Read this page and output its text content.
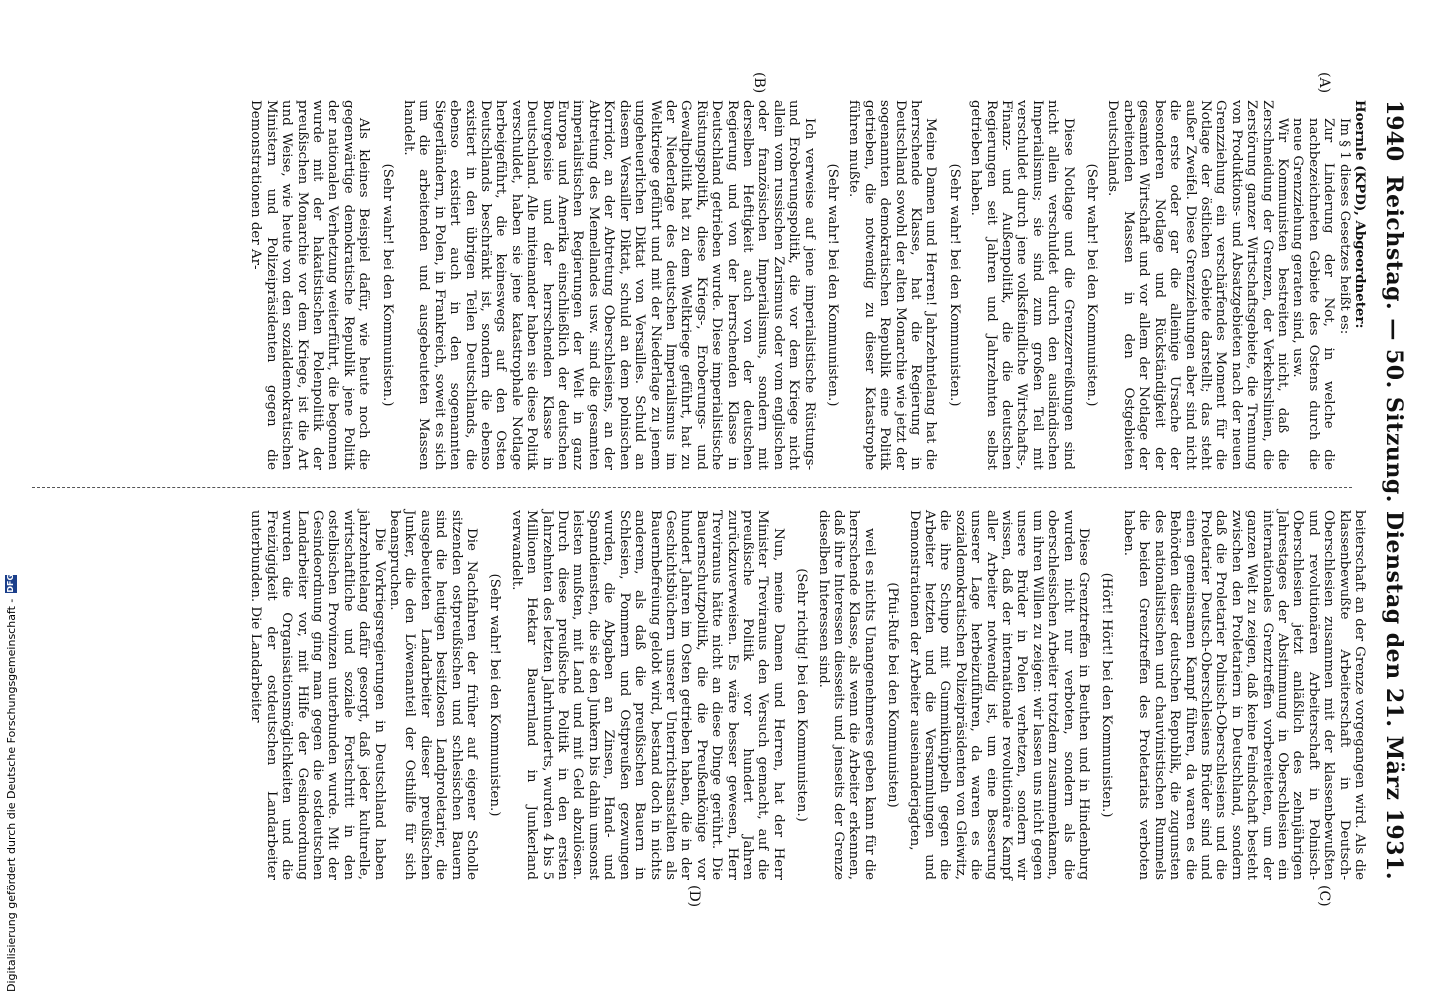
1940
Reichstag. — 50. Sitzung. Dienstag den 21. März 1931.
(A)
(B)
(C)
(D)

Hoernle (KPD), Abgeordneter:

Im § 1 dieses Gesetzes heißt es:

Zur Linderung der Not, in welche die nachbezeichneten Gebiete des Ostens durch die neue Grenzziehung geraten sind, usw.

Wir Kommunisten bestreiten nicht, daß die Zerschneidung der Grenzen, der Verkehrslinien, die Zerstörung ganzer Wirtschaftsgebiete, die Trennung von Produktions- und Absatzgebieten nach der neuen Grenzziehung ein verschärfendes Moment für die Notlage der östlichen Gebiete darstellt; das steht außer Zweifel. Diese Grenzziehungen aber sind nicht die erste oder gar die alleinige Ursache der besonderen Notlage und Rückständigkeit der gesamten Wirtschaft und vor allem der Notlage der arbeitenden Massen in den Ostgebieten Deutschlands.

(Sehr wahr! bei den Kommunisten.)

Diese Notlage und die Grenzzerreißungen sind nicht allein verschuldet durch den ausländischen Imperialismus; sie sind zum großen Teil mit verschuldet durch jene volksfeindliche Wirtschafts-, Finanz- und Außenpolitik, die die deutschen Regierungen seit Jahren und Jahrzehnten selbst getrieben haben.

(Sehr wahr! bei den Kommunisten.)

Meine Damen und Herren! Jahrzehntelang hat die herrschende Klasse, hat die Regierung in Deutschland sowohl der alten Monarchie wie jetzt der sogenannten demokratischen Republik eine Politik getrieben, die notwendig zu dieser Katastrophe führen mußte.

(Sehr wahr! bei den Kommunisten.)

Ich verweise auf jene imperialistische Rüstungs- und Eroberungspolitik, die vor dem Kriege nicht allein vom russischen Zarismus oder vom englischen oder französischen Imperialismus, sondern mit derselben Heftigkeit auch von der deutschen Regierung und von der herrschenden Klasse in Deutschland getrieben wurde. Diese imperialistische Rüstungspolitik, diese Kriegs-, Eroberungs- und Gewaltpolitik hat zu dem Weltkriege geführt, hat zu der Niederlage des deutschen Imperialismus im Weltkriege geführt und mit der Niederlage zu jenem ungeheuerlichen Diktat von Versailles. Schuld an diesem Versailler Diktat, schuld an dem polnischen Korridor, an der Abtretung Oberschlesiens, an der Abtretung des Memellandes usw. sind die gesamten imperialistischen Regierungen der Welt in ganz Europa und Amerika einschließlich der deutschen Bourgeoisie und der herrschenden Klasse in Deutschland. Alle miteinander haben sie diese Politik verschuldet, haben sie jene katastrophale Notlage herbeigeführt, die keineswegs auf den Osten Deutschlands beschränkt ist, sondern die ebenso existiert in den übrigen Teilen Deutschlands, die ebenso existiert auch in den sogenannten Siegerländern, in Polen, in Frankreich, soweit es sich um die arbeitenden und ausgebeuteten Massen handelt.

(Sehr wahr! bei den Kommunisten.)

Als kleines Beispiel dafür, wie heute noch die gegenwärtige demokratische Republik jene Politik der nationalen Verhetzung weiterführt, die begonnen wurde mit der hakatistischen Polenpolitik der preußischen Monarchie vor dem Kriege, ist die Art und Weise, wie heute von den sozialdemokratischen Ministern und Polizeipräsidenten gegen die Demonstrationen der Ar-

beiterschaft an der Grenze vorgegangen wird. Als die klassenbewußte Arbeiterschaft in Deutsch-Oberschlesien zusammen mit der klassenbewußten und revolutionären Arbeiterschaft in Polnisch-Oberschlesien jetzt anläßlich des zehnjährigen Jahrestages der Abstimmung in Oberschlesien ein internationales Grenztreffen vorbereiteten, um der ganzen Welt zu zeigen, daß keine Feindschaft besteht zwischen den Proletariern in Deutschland, sondern daß die Proletarier Polnisch-Oberschlesiens und die Proletarier Deutsch-Oberschlesiens Brüder sind und einen gemeinsamen Kampf führen, da waren es die Behörden dieser deutschen Republik, die zugunsten des nationalistischen und chauvinistischen Rummels die beiden Grenztreffen des Proletariats verboten haben.

(Hört! Hört! bei den Kommunisten.)

Diese Grenztreffen in Beuthen und in Hindenburg wurden nicht nur verboten, sondern als die oberschlesischen Arbeiter trotzdem zusammenkamen, um ihren Willen zu zeigen: wir lassen uns nicht gegen unsere Brüder in Polen verhetzen, sondern wir wissen, daß der internationale revolutionäre Kampf aller Arbeiter notwendig ist, um eine Besserung unserer Lage herbeizuführen, da waren es die sozialdemokratischen Polizeipräsidenten von Gleiwitz, die ihre Schupo mit Gummiknüppeln gegen die Arbeiter hetzten und die Versammlungen und Demonstrationen der Arbeiter auseinanderjagten,

(Pfui-Rufe bei den Kommunisten)

weil es nichts Unangenehmeres geben kann für die herrschende Klasse, als wenn die Arbeiter erkennen, daß ihre Interessen diesseits und jenseits der Grenze dieselben Interessen sind.

(Sehr richtig! bei den Kommunisten.)

Nun, meine Damen und Herren, hat der Herr Minister Treviranus den Versuch gemacht, auf die preußische Politik vor hundert Jahren zurückzuverweisen. Es wäre besser gewesen, Herr Treviranus hätte nicht an diese Dinge gerührt. Die Bauernschutzpolitik, die die Preußenkönige vor hundert Jahren im Osten getrieben haben, die in der Geschichtsbüchern unserer Unterrichtsanstalten als Bauernbefreiung gelobt wird, bestand doch in nichts anderem, als daß die preußischen Bauern in Schlesien, Pommern und Ostpreußen gezwungen wurden, die Abgaben an Zinsen, Hand- und Spanndiensten, die sie den Junkern bis dahin umsonst leisten mußten, mit Land und mit Geld abzulösen. Durch diese preußische Politik in den ersten Jahrzehnten des letzten Jahrhunderts, wurden 4 bis 5 Millionen Hektar Bauernland in Junkerland verwandelt.

(Sehr wahr! bei den Kommunisten.)

Die Nachfahren der früher auf eigener Scholle sitzenden ostpreußischen und schlesischen Bauern sind die heutigen besitzlosen Landproletarier, die ausgebeuteten Landarbeiter dieser preußischen Junker, die den Löwenanteil der Osthilfe für sich beanspruchen.

Die Vorkriegsregierungen in Deutschland haben jahrzehntelang dafür gesorgt, daß jeder kulturelle, wirtschaftliche und soziale Fortschritt in den ostelbischen Provinzen unterbunden wurde. Mit der Gesindeordnung ging man gegen die ostdeutschen Landarbeiter vor, mit Hilfe der Gesindeordnung wurden die Organisationsmöglichkeiten und die Freizügigkeit der ostdeutschen Landarbeiter unterbunden. Die Landarbeiter

Digitalisierung gefördert durch die Deutsche Forschungsgemeinschaft -
DFG
